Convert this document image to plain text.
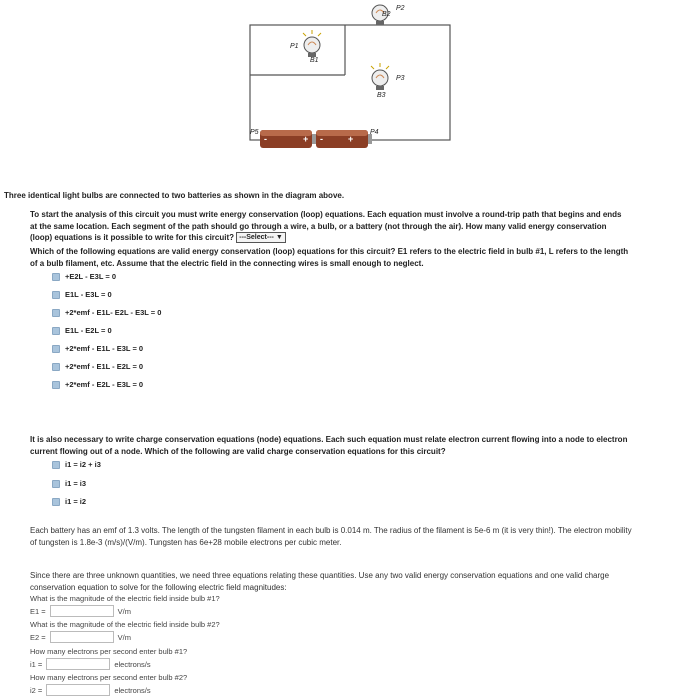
B2
B1
B3
P1
P2
P3
P4
P5
+	+
-	-
Three identical light bulbs are connected to two batteries as shown in the diagram above.
To start the analysis of this circuit you must write energy conservation (loop) equations. Each equation must involve a round-trip path that begins and ends at the same location. Each segment of the path should go through a wire, a bulb, or a battery (not through the air). How many valid energy conservation (loop) equations is it possible to write for this circuit? ---Select--- ▼
Which of the following equations are valid energy conservation (loop) equations for this circuit? E1 refers to the electric field in bulb #1, L refers to the length of a bulb filament, etc. Assume that the electric field in the connecting wires is small enough to neglect.
+E2L - E3L = 0
E1L - E3L = 0
+2*emf - E1L- E2L - E3L = 0
E1L - E2L = 0
+2*emf - E1L - E3L = 0
+2*emf - E1L - E2L = 0
+2*emf - E2L - E3L = 0
It is also necessary to write charge conservation equations (node) equations. Each such equation must relate electron current flowing into a node to electron current flowing out of a node. Which of the following are valid charge conservation equations for this circuit?
i1 = i2 + i3
i1 = i3
i1 = i2
Each battery has an emf of 1.3 volts. The length of the tungsten filament in each bulb is 0.014 m. The radius of the filament is 5e-6 m (it is very thin!). The electron mobility of tungsten is 1.8e-3 (m/s)/(V/m). Tungsten has 6e+28 mobile electrons per cubic meter.
Since there are three unknown quantities, we need three equations relating these quantities. Use any two valid energy conservation equations and one valid charge conservation equation to solve for the following electric field magnitudes:
What is the magnitude of the electric field inside bulb #1?
E1 =	V/m
What is the magnitude of the electric field inside bulb #2?
E2 =	V/m
How many electrons per second enter bulb #1?
i1 =	electrons/s
How many electrons per second enter bulb #2?
i2 =	electrons/s
